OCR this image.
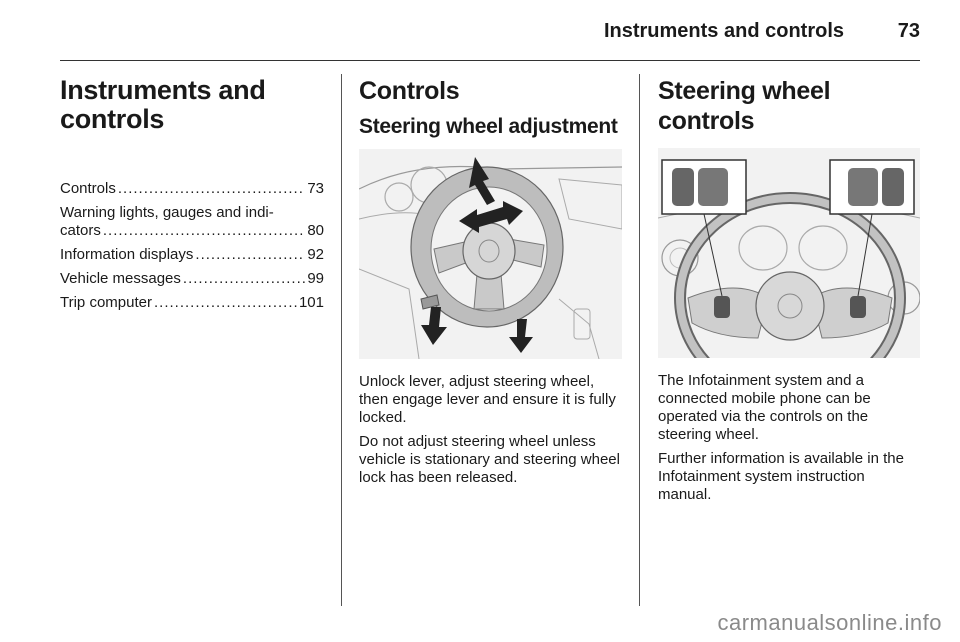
Instruments and controls	73
Instruments and
controls
Controls .....	73
Warning lights, gauges and indi-
cators .....	80
Information displays .....	92
Vehicle messages .....	99
Trip computer .....	101
Controls
Steering wheel adjustment

Unlock lever, adjust steering wheel, then engage lever and ensure it is fully locked.

Do not adjust steering wheel unless vehicle is stationary and steering wheel lock has been released.

Steering wheel controls

The Infotainment system and a connected mobile phone can be operated via the controls on the steering wheel.

Further information is available in the Infotainment system instruction manual.

carmanualsonline.info
